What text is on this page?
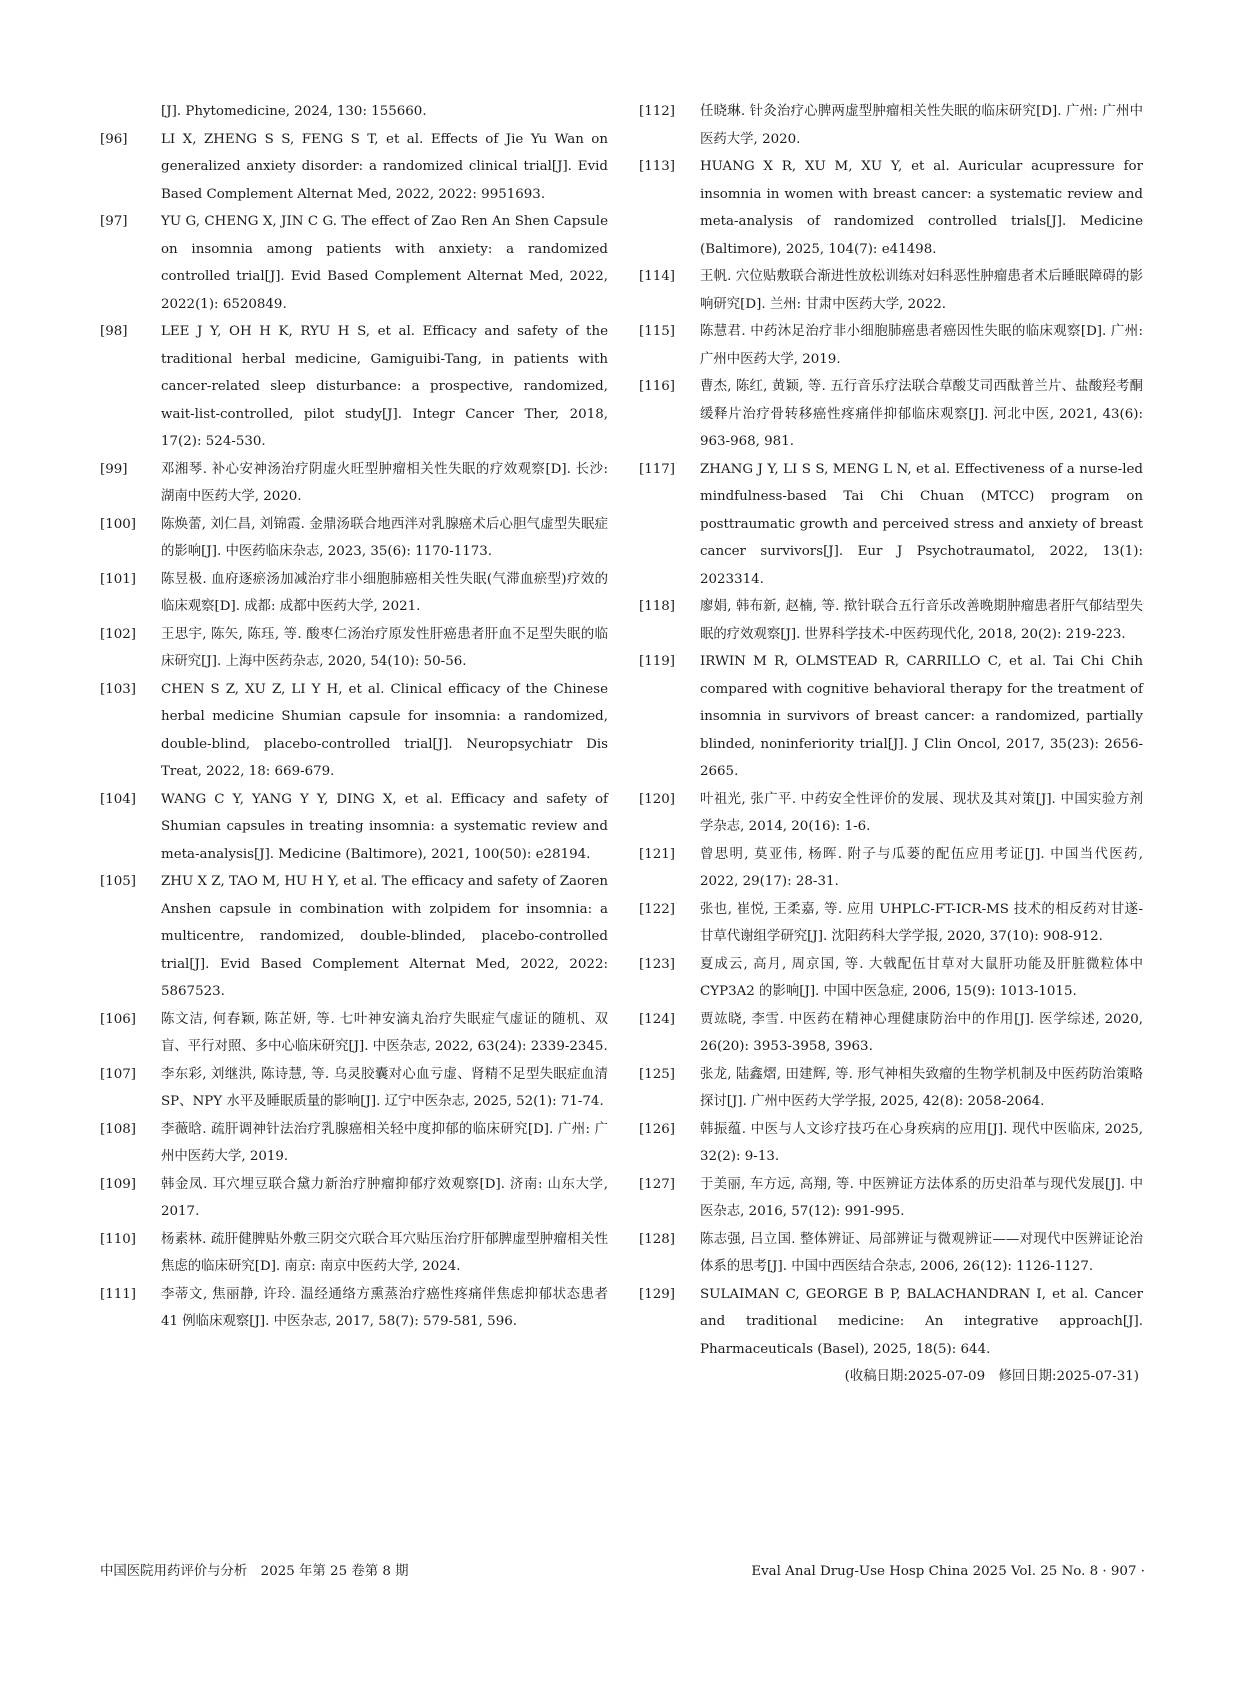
[J]. Phytomedicine, 2024, 130: 155660.
[96]	LI X, ZHENG S S, FENG S T, et al. Effects of Jie Yu Wan on generalized anxiety disorder: a randomized clinical trial[J]. Evid Based Complement Alternat Med, 2022, 2022: 9951693.
[97]	YU G, CHENG X, JIN C G. The effect of Zao Ren An Shen Capsule on insomnia among patients with anxiety: a randomized controlled trial[J]. Evid Based Complement Alternat Med, 2022, 2022(1): 6520849.
[98]	LEE J Y, OH H K, RYU H S, et al. Efficacy and safety of the traditional herbal medicine, Gamiguibi-Tang, in patients with cancer-related sleep disturbance: a prospective, randomized, wait-list-controlled, pilot study[J]. Integr Cancer Ther, 2018, 17(2): 524-530.
[99]	邓湘琴. 补心安神汤治疗阴虚火旺型肿瘤相关性失眠的疗效观察[D]. 长沙: 湖南中医药大学, 2020.
[100]	陈焕蕾, 刘仁昌, 刘锦霞. 金鼎汤联合地西泮对乳腺癌术后心胆气虚型失眠症的影响[J]. 中医药临床杂志, 2023, 35(6): 1170-1173.
[101]	陈昱极. 血府逐瘀汤加减治疗非小细胞肺癌相关性失眠(气滞血瘀型)疗效的临床观察[D]. 成都: 成都中医药大学, 2021.
[102]	王思宇, 陈矢, 陈珏, 等. 酸枣仁汤治疗原发性肝癌患者肝血不足型失眠的临床研究[J]. 上海中医药杂志, 2020, 54(10): 50-56.
[103]	CHEN S Z, XU Z, LI Y H, et al. Clinical efficacy of the Chinese herbal medicine Shumian capsule for insomnia: a randomized, double-blind, placebo-controlled trial[J]. Neuropsychiatr Dis Treat, 2022, 18: 669-679.
[104]	WANG C Y, YANG Y Y, DING X, et al. Efficacy and safety of Shumian capsules in treating insomnia: a systematic review and meta-analysis[J]. Medicine (Baltimore), 2021, 100(50): e28194.
[105]	ZHU X Z, TAO M, HU H Y, et al. The efficacy and safety of Zaoren Anshen capsule in combination with zolpidem for insomnia: a multicentre, randomized, double-blinded, placebo-controlled trial[J]. Evid Based Complement Alternat Med, 2022, 2022: 5867523.
[106]	陈文洁, 何春颖, 陈芷妍, 等. 七叶神安滴丸治疗失眠症气虚证的随机、双盲、平行对照、多中心临床研究[J]. 中医杂志, 2022, 63(24): 2339-2345.
[107]	李东彩, 刘继洪, 陈诗慧, 等. 乌灵胶囊对心血亏虚、肾精不足型失眠症血清 SP、NPY 水平及睡眠质量的影响[J]. 辽宁中医杂志, 2025, 52(1): 71-74.
[108]	李薇晗. 疏肝调神针法治疗乳腺癌相关轻中度抑郁的临床研究[D]. 广州: 广州中医药大学, 2019.
[109]	韩金凤. 耳穴埋豆联合黛力新治疗肿瘤抑郁疗效观察[D]. 济南: 山东大学, 2017.
[110]	杨素林. 疏肝健脾贴外敷三阴交穴联合耳穴贴压治疗肝郁脾虚型肿瘤相关性焦虑的临床研究[D]. 南京: 南京中医药大学, 2024.
[111]	李蒂文, 焦丽静, 许玲. 温经通络方熏蒸治疗癌性疼痛伴焦虑抑郁状态患者 41 例临床观察[J]. 中医杂志, 2017, 58(7): 579-581, 596.
[112]	任晓琳. 针灸治疗心脾两虚型肿瘤相关性失眠的临床研究[D]. 广州: 广州中医药大学, 2020.
[113]	HUANG X R, XU M, XU Y, et al. Auricular acupressure for insomnia in women with breast cancer: a systematic review and meta-analysis of randomized controlled trials[J]. Medicine (Baltimore), 2025, 104(7): e41498.
[114]	王帆. 穴位贴敷联合渐进性放松训练对妇科恶性肿瘤患者术后睡眠障碍的影响研究[D]. 兰州: 甘肃中医药大学, 2022.
[115]	陈慧君. 中药沐足治疗非小细胞肺癌患者癌因性失眠的临床观察[D]. 广州: 广州中医药大学, 2019.
[116]	曹杰, 陈红, 黄颖, 等. 五行音乐疗法联合草酸艾司西酞普兰片、盐酸羟考酮缓释片治疗骨转移癌性疼痛伴抑郁临床观察[J]. 河北中医, 2021, 43(6): 963-968, 981.
[117]	ZHANG J Y, LI S S, MENG L N, et al. Effectiveness of a nurse-led mindfulness-based Tai Chi Chuan (MTCC) program on posttraumatic growth and perceived stress and anxiety of breast cancer survivors[J]. Eur J Psychotraumatol, 2022, 13(1): 2023314.
[118]	廖娟, 韩布新, 赵楠, 等. 揿针联合五行音乐改善晚期肿瘤患者肝气郁结型失眠的疗效观察[J]. 世界科学技术-中医药现代化, 2018, 20(2): 219-223.
[119]	IRWIN M R, OLMSTEAD R, CARRILLO C, et al. Tai Chi Chih compared with cognitive behavioral therapy for the treatment of insomnia in survivors of breast cancer: a randomized, partially blinded, noninferiority trial[J]. J Clin Oncol, 2017, 35(23): 2656-2665.
[120]	叶祖光, 张广平. 中药安全性评价的发展、现状及其对策[J]. 中国实验方剂学杂志, 2014, 20(16): 1-6.
[121]	曾思明, 莫亚伟, 杨晖. 附子与瓜蒌的配伍应用考证[J]. 中国当代医药, 2022, 29(17): 28-31.
[122]	张也, 崔悦, 王柔嘉, 等. 应用 UHPLC-FT-ICR-MS 技术的相反药对甘遂-甘草代谢组学研究[J]. 沈阳药科大学学报, 2020, 37(10): 908-912.
[123]	夏成云, 高月, 周京国, 等. 大戟配伍甘草对大鼠肝功能及肝脏微粒体中 CYP3A2 的影响[J]. 中国中医急症, 2006, 15(9): 1013-1015.
[124]	贾竑晓, 李雪. 中医药在精神心理健康防治中的作用[J]. 医学综述, 2020, 26(20): 3953-3958, 3963.
[125]	张龙, 陆鑫熠, 田建辉, 等. 形气神相失致瘤的生物学机制及中医药防治策略探讨[J]. 广州中医药大学学报, 2025, 42(8): 2058-2064.
[126]	韩振蕴. 中医与人文诊疗技巧在心身疾病的应用[J]. 现代中医临床, 2025, 32(2): 9-13.
[127]	于美丽, 车方远, 高翔, 等. 中医辨证方法体系的历史沿革与现代发展[J]. 中医杂志, 2016, 57(12): 991-995.
[128]	陈志强, 吕立国. 整体辨证、局部辨证与微观辨证——对现代中医辨证论治体系的思考[J]. 中国中西医结合杂志, 2006, 26(12): 1126-1127.
[129]	SULAIMAN C, GEORGE B P, BALACHANDRAN I, et al. Cancer and traditional medicine: An integrative approach[J]. Pharmaceuticals (Basel), 2025, 18(5): 644.
(收稿日期:2025-07-09　修回日期:2025-07-31)
中国医院用药评价与分析　2025 年第 25 卷第 8 期	Eval Anal Drug-Use Hosp China 2025 Vol. 25 No. 8 · 907 ·
